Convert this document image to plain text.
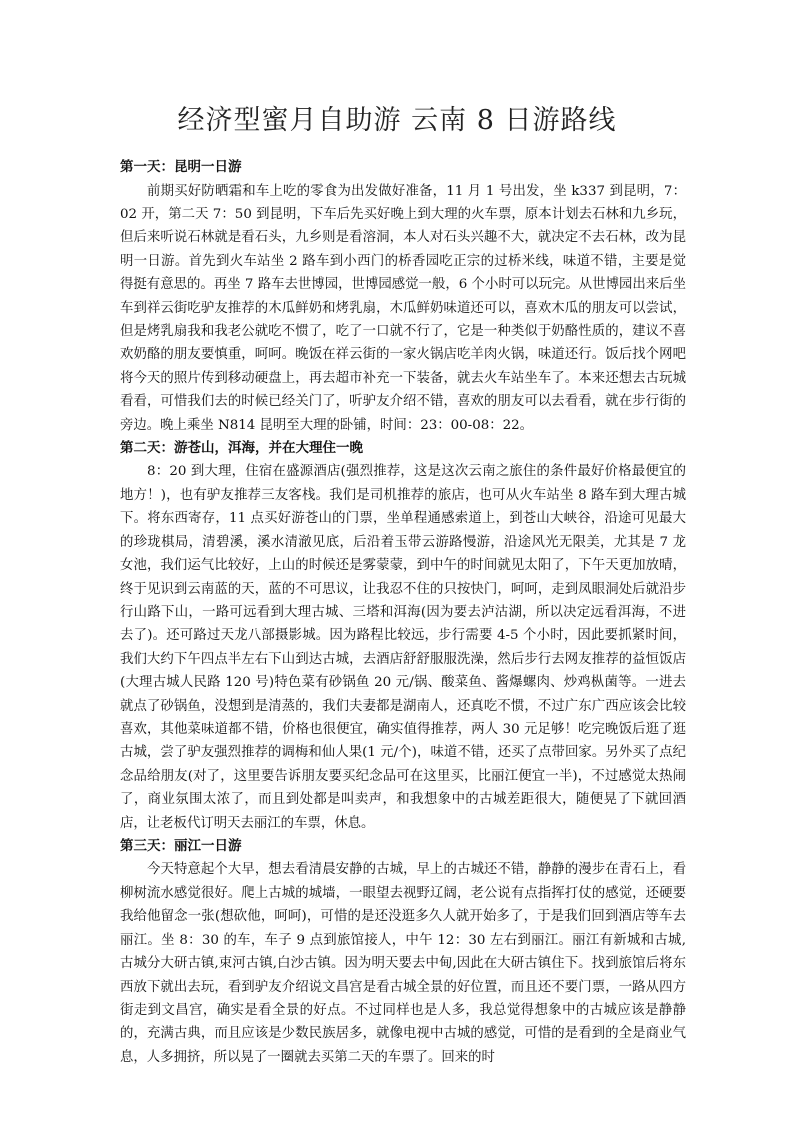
经济型蜜月自助游 云南 8 日游路线

第一天：昆明一日游

前期买好防晒霜和车上吃的零食为出发做好准备，11 月 1 号出发，坐 k337 到昆明，7：02 开，第二天 7：50 到昆明，下车后先买好晚上到大理的火车票，原本计划去石林和九乡玩，但后来听说石林就是看石头，九乡则是看溶洞，本人对石头兴趣不大，就决定不去石林，改为昆明一日游。首先到火车站坐 2 路车到小西门的桥香园吃正宗的过桥米线，味道不错，主要是觉得挺有意思的。再坐 7 路车去世博园，世博园感觉一般，6 个小时可以玩完。从世博园出来后坐车到祥云街吃驴友推荐的木瓜鲜奶和烤乳扇，木瓜鲜奶味道还可以，喜欢木瓜的朋友可以尝试，但是烤乳扇我和我老公就吃不惯了，吃了一口就不行了，它是一种类似于奶酪性质的，建议不喜欢奶酪的朋友要慎重，呵呵。晚饭在祥云街的一家火锅店吃羊肉火锅，味道还行。饭后找个网吧将今天的照片传到移动硬盘上，再去超市补充一下装备，就去火车站坐车了。本来还想去古玩城看看，可惜我们去的时候已经关门了，听驴友介绍不错，喜欢的朋友可以去看看，就在步行街的旁边。晚上乘坐 N814 昆明至大理的卧铺，时间：23：00-08：22。

第二天：游苍山，洱海，并在大理住一晚

8：20 到大理，住宿在盛源酒店(强烈推荐，这是这次云南之旅住的条件最好价格最便宜的地方！)，也有驴友推荐三友客栈。我们是司机推荐的旅店，也可从火车站坐 8 路车到大理古城下。将东西寄存，11 点买好游苍山的门票，坐单程通感索道上，到苍山大峡谷，沿途可见最大的珍珑棋局，清碧溪，溪水清澈见底，后沿着玉带云游路慢游，沿途风光无限美，尤其是 7 龙女池，我们运气比较好，上山的时候还是雾蒙蒙，到中午的时间就见太阳了，下午天更加放晴，终于见识到云南蓝的天，蓝的不可思议，让我忍不住的只按快门，呵呵，走到凤眼洞处后就沿步行山路下山，一路可远看到大理古城、三塔和洱海(因为要去泸沽湖，所以决定远看洱海，不进去了)。还可路过天龙八部摄影城。因为路程比较远，步行需要 4-5 个小时，因此要抓紧时间，我们大约下午四点半左右下山到达古城，去酒店舒舒服服洗澡，然后步行去网友推荐的益恒饭店(大理古城人民路 120 号)特色菜有砂锅鱼 20 元/锅、酸菜鱼、酱爆螺肉、炒鸡枞菌等。一进去就点了砂锅鱼，没想到是清蒸的，我们夫妻都是湖南人，还真吃不惯，不过广东广西应该会比较喜欢，其他菜味道都不错，价格也很便宜，确实值得推荐，两人 30 元足够！吃完晚饭后逛了逛古城，尝了驴友强烈推荐的调梅和仙人果(1 元/个)，味道不错，还买了点带回家。另外买了点纪念品给朋友(对了，这里要告诉朋友要买纪念品可在这里买，比丽江便宜一半)，不过感觉太热闹了，商业氛围太浓了，而且到处都是叫卖声，和我想象中的古城差距很大，随便晃了下就回酒店，让老板代订明天去丽江的车票，休息。

第三天：丽江一日游

今天特意起个大早，想去看清晨安静的古城，早上的古城还不错，静静的漫步在青石上，看柳树流水感觉很好。爬上古城的城墙，一眼望去视野辽阔，老公说有点指挥打仗的感觉，还硬要我给他留念一张(想砍他，呵呵)，可惜的是还没逛多久人就开始多了，于是我们回到酒店等车去丽江。坐 8：30 的车，车子 9 点到旅馆接人，中午 12：30 左右到丽江。丽江有新城和古城,古城分大研古镇,束河古镇,白沙古镇。因为明天要去中甸,因此在大研古镇住下。找到旅馆后将东西放下就出去玩，看到驴友介绍说文昌宫是看古城全景的好位置，而且还不要门票，一路从四方街走到文昌宫，确实是看全景的好点。不过同样也是人多，我总觉得想象中的古城应该是静静的，充满古典，而且应该是少数民族居多，就像电视中古城的感觉，可惜的是看到的全是商业气息，人多拥挤，所以晃了一圈就去买第二天的车票了。回来的时
